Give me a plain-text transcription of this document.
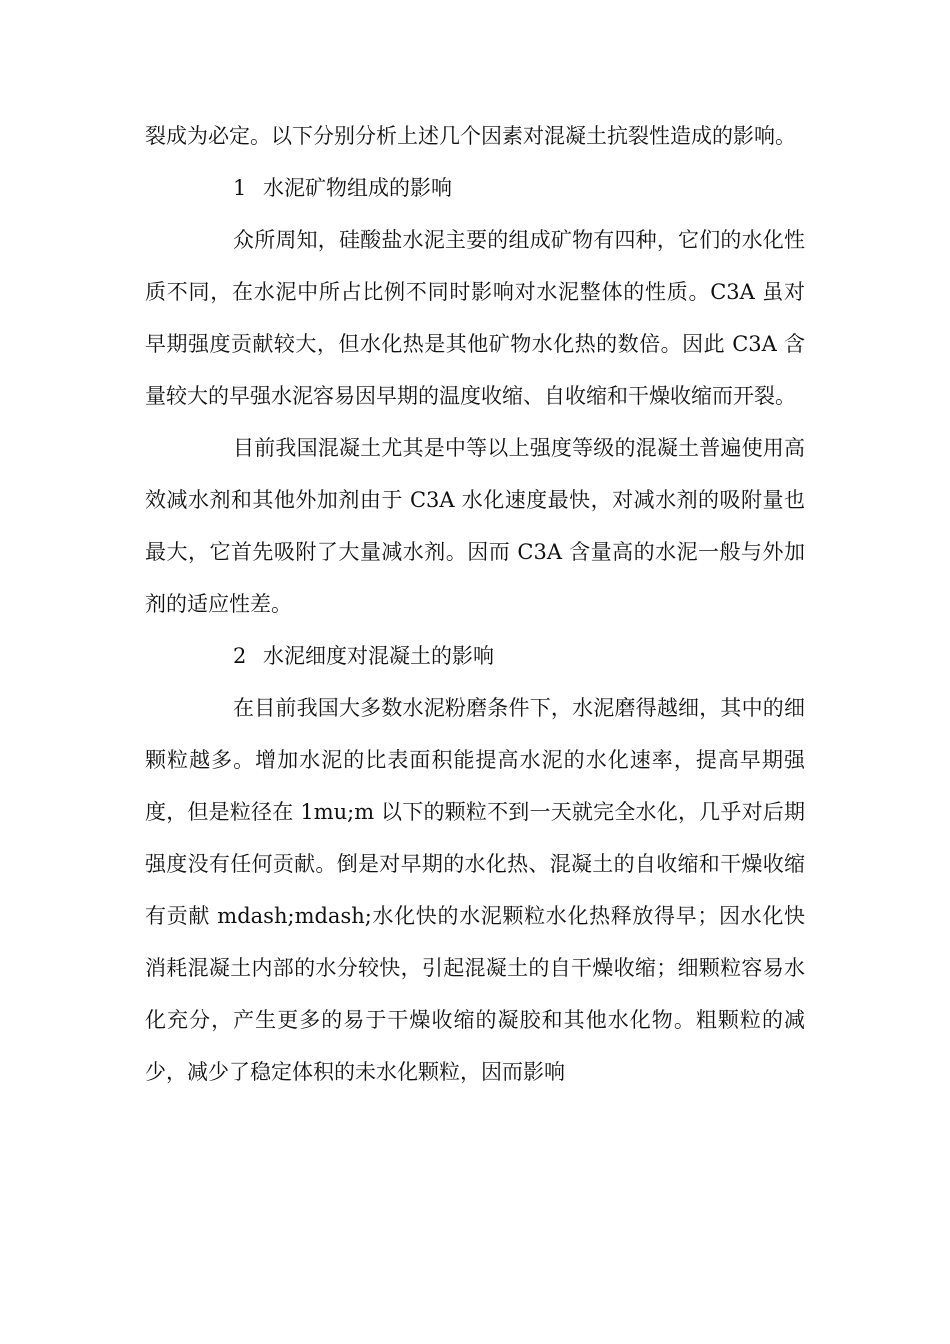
裂成为必定。以下分别分析上述几个因素对混凝土抗裂性造成的影响。

1 水泥矿物组成的影响

众所周知，硅酸盐水泥主要的组成矿物有四种，它们的水化性质不同，在水泥中所占比例不同时影响对水泥整体的性质。C3A 虽对早期强度贡献较大，但水化热是其他矿物水化热的数倍。因此 C3A 含量较大的早强水泥容易因早期的温度收缩、自收缩和干燥收缩而开裂。

目前我国混凝土尤其是中等以上强度等级的混凝土普遍使用高效减水剂和其他外加剂由于 C3A 水化速度最快，对减水剂的吸附量也最大，它首先吸附了大量减水剂。因而 C3A 含量高的水泥一般与外加剂的适应性差。

2 水泥细度对混凝土的影响

在目前我国大多数水泥粉磨条件下，水泥磨得越细，其中的细颗粒越多。增加水泥的比表面积能提高水泥的水化速率，提高早期强度，但是粒径在 1mu;m 以下的颗粒不到一天就完全水化，几乎对后期强度没有任何贡献。倒是对早期的水化热、混凝土的自收缩和干燥收缩有贡献 mdash;mdash;水化快的水泥颗粒水化热释放得早；因水化快消耗混凝土内部的水分较快，引起混凝土的自干燥收缩；细颗粒容易水化充分，产生更多的易于干燥收缩的凝胶和其他水化物。粗颗粒的减少，减少了稳定体积的未水化颗粒，因而影响
